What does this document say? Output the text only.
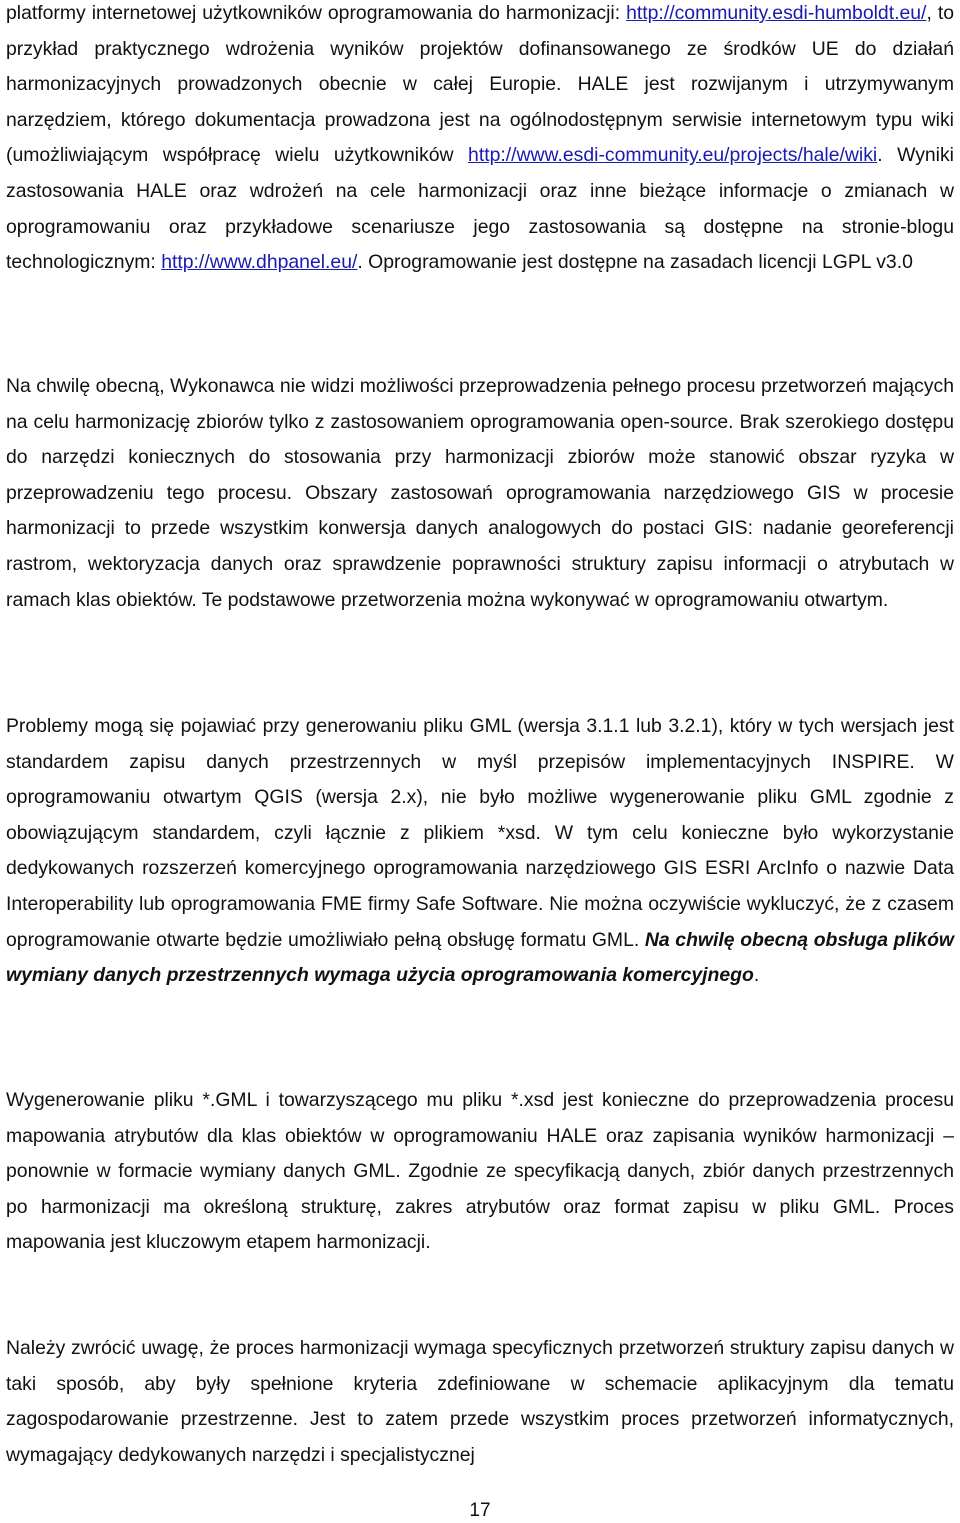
platformy internetowej użytkowników oprogramowania do harmonizacji: http://community.esdi-humboldt.eu/, to przykład praktycznego wdrożenia wyników projektów dofinansowanego ze środków UE do działań harmonizacyjnych prowadzonych obecnie w całej Europie. HALE jest rozwijanym i utrzymywanym narzędziem, którego dokumentacja prowadzona jest na ogólnodostępnym serwisie internetowym typu wiki (umożliwiającym współpracę wielu użytkowników http://www.esdi-community.eu/projects/hale/wiki. Wyniki zastosowania HALE oraz wdrożeń na cele harmonizacji oraz inne bieżące informacje o zmianach w oprogramowaniu oraz przykładowe scenariusze jego zastosowania są dostępne na stronie-blogu technologicznym: http://www.dhpanel.eu/. Oprogramowanie jest dostępne na zasadach licencji LGPL v3.0

Na chwilę obecną, Wykonawca nie widzi możliwości przeprowadzenia pełnego procesu przetworzeń mających na celu harmonizację zbiorów tylko z zastosowaniem oprogramowania open-source. Brak szerokiego dostępu do narzędzi koniecznych do stosowania przy harmonizacji zbiorów może stanowić obszar ryzyka w przeprowadzeniu tego procesu. Obszary zastosowań oprogramowania narzędziowego GIS w procesie harmonizacji to przede wszystkim konwersja danych analogowych do postaci GIS: nadanie georeferencji rastrom, wektoryzacja danych oraz sprawdzenie poprawności struktury zapisu informacji o atrybutach w ramach klas obiektów. Te podstawowe przetworzenia można wykonywać w oprogramowaniu otwartym.

Problemy mogą się pojawiać przy generowaniu pliku GML (wersja 3.1.1 lub 3.2.1), który w tych wersjach jest standardem zapisu danych przestrzennych w myśl przepisów implementacyjnych INSPIRE. W oprogramowaniu otwartym QGIS (wersja 2.x), nie było możliwe wygenerowanie pliku GML zgodnie z obowiązującym standardem, czyli łącznie z plikiem *xsd. W tym celu konieczne było wykorzystanie dedykowanych rozszerzeń komercyjnego oprogramowania narzędziowego GIS ESRI ArcInfo o nazwie Data Interoperability lub oprogramowania FME firmy Safe Software. Nie można oczywiście wykluczyć, że z czasem oprogramowanie otwarte będzie umożliwiało pełną obsługę formatu GML. Na chwilę obecną obsługa plików wymiany danych przestrzennych wymaga użycia oprogramowania komercyjnego.

Wygenerowanie pliku *.GML i towarzyszącego mu pliku *.xsd jest konieczne do przeprowadzenia procesu mapowania atrybutów dla klas obiektów w oprogramowaniu HALE oraz zapisania wyników harmonizacji – ponownie w formacie wymiany danych GML. Zgodnie ze specyfikacją danych, zbiór danych przestrzennych po harmonizacji ma określoną strukturę, zakres atrybutów oraz format zapisu w pliku GML. Proces mapowania jest kluczowym etapem harmonizacji.

Należy zwrócić uwagę, że proces harmonizacji wymaga specyficznych przetworzeń struktury zapisu danych w taki sposób, aby były spełnione kryteria zdefiniowane w schemacie aplikacyjnym dla tematu zagospodarowanie przestrzenne. Jest to zatem przede wszystkim proces przetworzeń informatycznych, wymagający dedykowanych narzędzi i specjalistycznej

17
